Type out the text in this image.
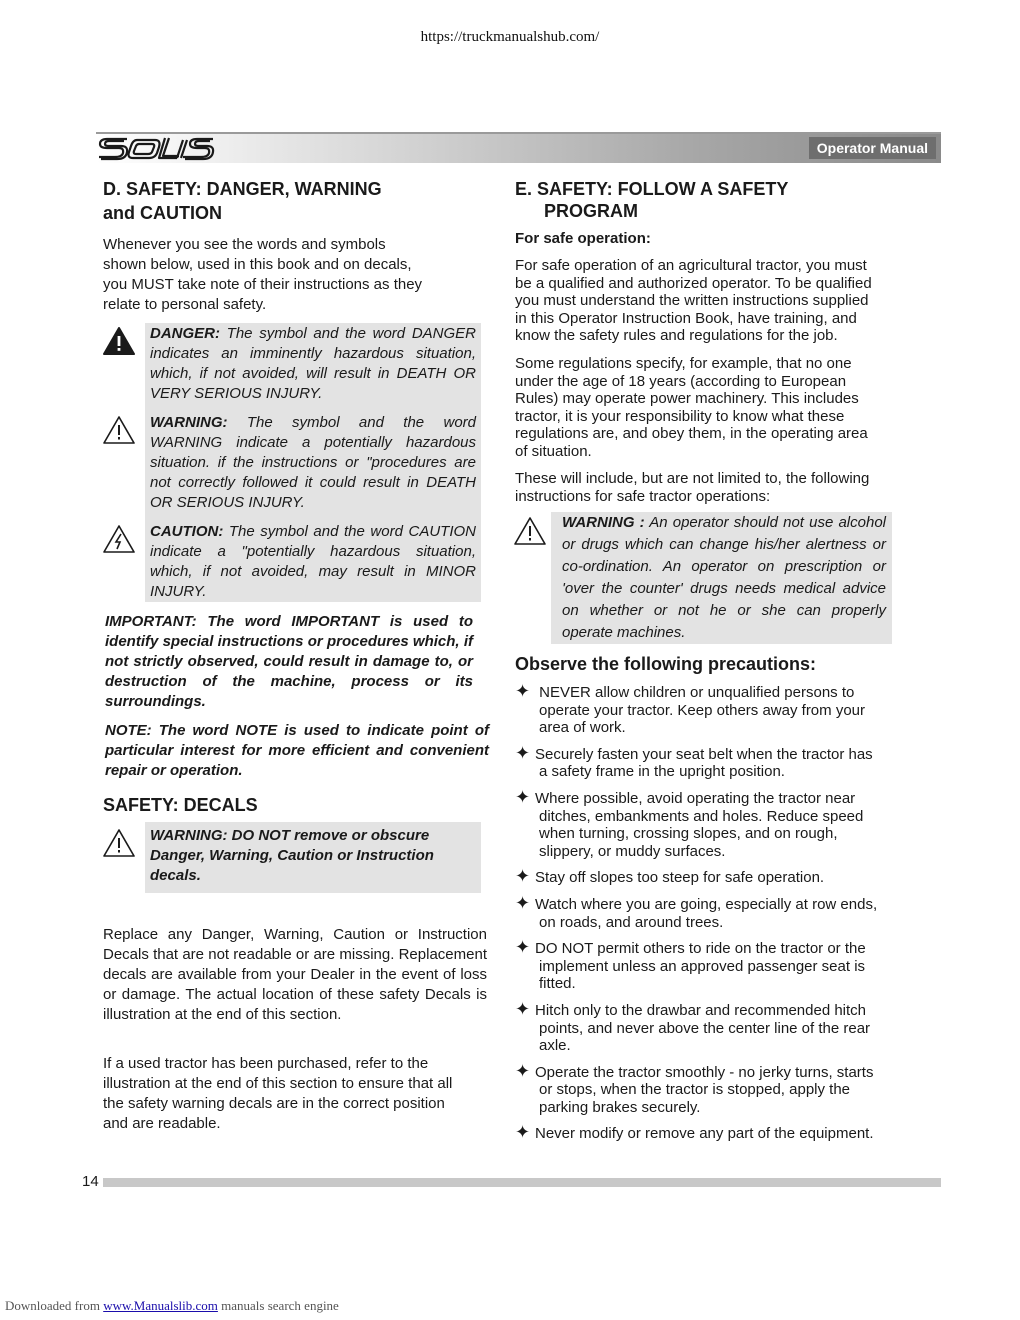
https://truckmanualshub.com/
Operator Manual
D. SAFETY: DANGER, WARNING
and CAUTION
Whenever you see the words and symbols
shown below, used in this book and on decals,
you MUST take note of their instructions as they
relate to personal safety.
DANGER: The symbol and the word DANGER indicates an imminently hazardous situation, which, if not avoided, will result in DEATH OR VERY SERIOUS INJURY.
WARNING: The symbol and the word WARNING indicate a potentially hazardous situation. if the instructions or "procedures are not correctly followed it could result in DEATH OR SERIOUS INJURY.
CAUTION: The symbol and the word CAUTION indicate a "potentially hazardous situation, which, if not avoided, may result in MINOR INJURY.

IMPORTANT: The word IMPORTANT is used to identify special instructions or procedures which, if not strictly observed, could result in damage to, or destruction of the machine, process or its surroundings.

NOTE: The word NOTE is used to indicate point of particular interest for more efficient and convenient repair or operation.

SAFETY: DECALS

WARNING: DO NOT remove or obscure Danger, Warning, Caution or Instruction decals.

Replace any Danger, Warning, Caution or Instruction Decals that are not readable or are missing. Replacement decals are available from your Dealer in the event of loss or damage. The actual location of these safety Decals is illustration at the end of this section.

If a used tractor has been purchased, refer to the
illustration at the end of this section to ensure that all
the safety warning decals are in the correct position
and are readable.
E. SAFETY: FOLLOW A SAFETY
PROGRAM
For safe operation:
For safe operation of an agricultural tractor, you must
be a qualified and authorized operator. To be qualified
you must understand the written instructions supplied
in this Operator Instruction Book, have training, and
know the safety rules and regulations for the job.
Some regulations specify, for example, that no one
under the age of 18 years (according to European
Rules) may operate power machinery. This includes
tractor, it is your responsibility to know what these
regulations are, and obey them, in the operating area
of situation.
These will include, but are not limited to, the following
instructions for safe tractor operations:
WARNING : An operator should not use alcohol or drugs which can change his/her alertness or co-ordination. An operator on prescription or 'over the counter' drugs needs medical advice on whether or not he or she can properly operate machines.
Observe the following precautions:
✦ NEVER allow children or unqualified persons to
operate your tractor. Keep others away from your
area of work.
✦ Securely fasten your seat belt when the tractor has
a safety frame in the upright position.
✦ Where possible, avoid operating the tractor near
ditches, embankments and holes. Reduce speed
when turning, crossing slopes, and on rough,
slippery, or muddy surfaces.
✦ Stay off slopes too steep for safe operation.
✦ Watch where you are going, especially at row ends,
on roads, and around trees.
✦ DO NOT permit others to ride on the tractor or the
implement unless an approved passenger seat is
fitted.
✦ Hitch only to the drawbar and recommended hitch
points, and never above the center line of the rear
axle.
✦ Operate the tractor smoothly - no jerky turns, starts
or stops, when the tractor is stopped, apply the
parking brakes securely.
✦ Never modify or remove any part of the equipment.
14
Downloaded from www.Manualslib.com manuals search engine
